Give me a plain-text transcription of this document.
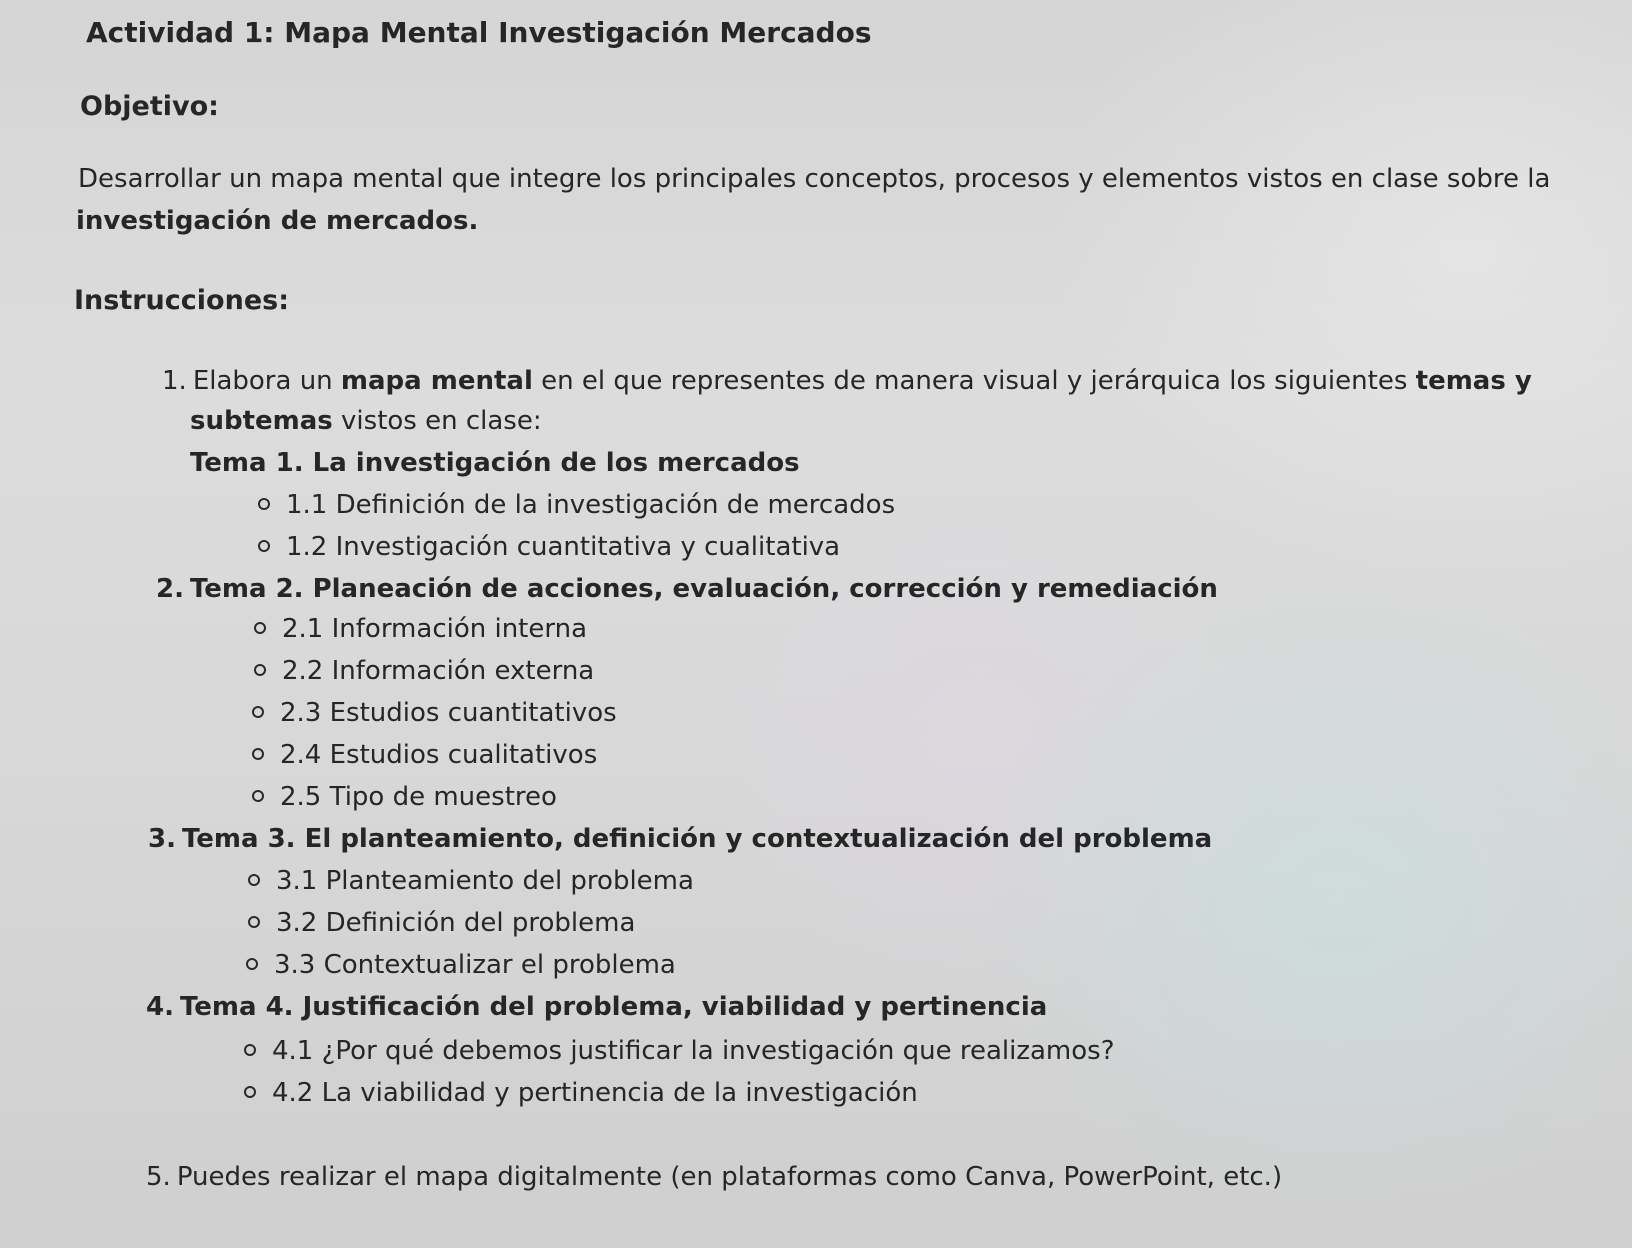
Actividad 1: Mapa Mental Investigación Mercados
Objetivo:
Desarrollar un mapa mental que integre los principales conceptos, procesos y elementos vistos en clase sobre la
investigación de mercados.
Instrucciones:
1. Elabora un mapa mental en el que representes de manera visual y jerárquica los siguientes temas y
subtemas vistos en clase:
Tema 1. La investigación de los mercados
1.1 Definición de la investigación de mercados
1.2 Investigación cuantitativa y cualitativa
2. Tema 2. Planeación de acciones, evaluación, corrección y remediación
2.1 Información interna
2.2 Información externa
2.3 Estudios cuantitativos
2.4 Estudios cualitativos
2.5 Tipo de muestreo
3. Tema 3. El planteamiento, definición y contextualización del problema
3.1 Planteamiento del problema
3.2 Definición del problema
3.3 Contextualizar el problema
4. Tema 4. Justificación del problema, viabilidad y pertinencia
4.1 ¿Por qué debemos justificar la investigación que realizamos?
4.2 La viabilidad y pertinencia de la investigación
5. Puedes realizar el mapa digitalmente (en plataformas como Canva, PowerPoint, etc.)
